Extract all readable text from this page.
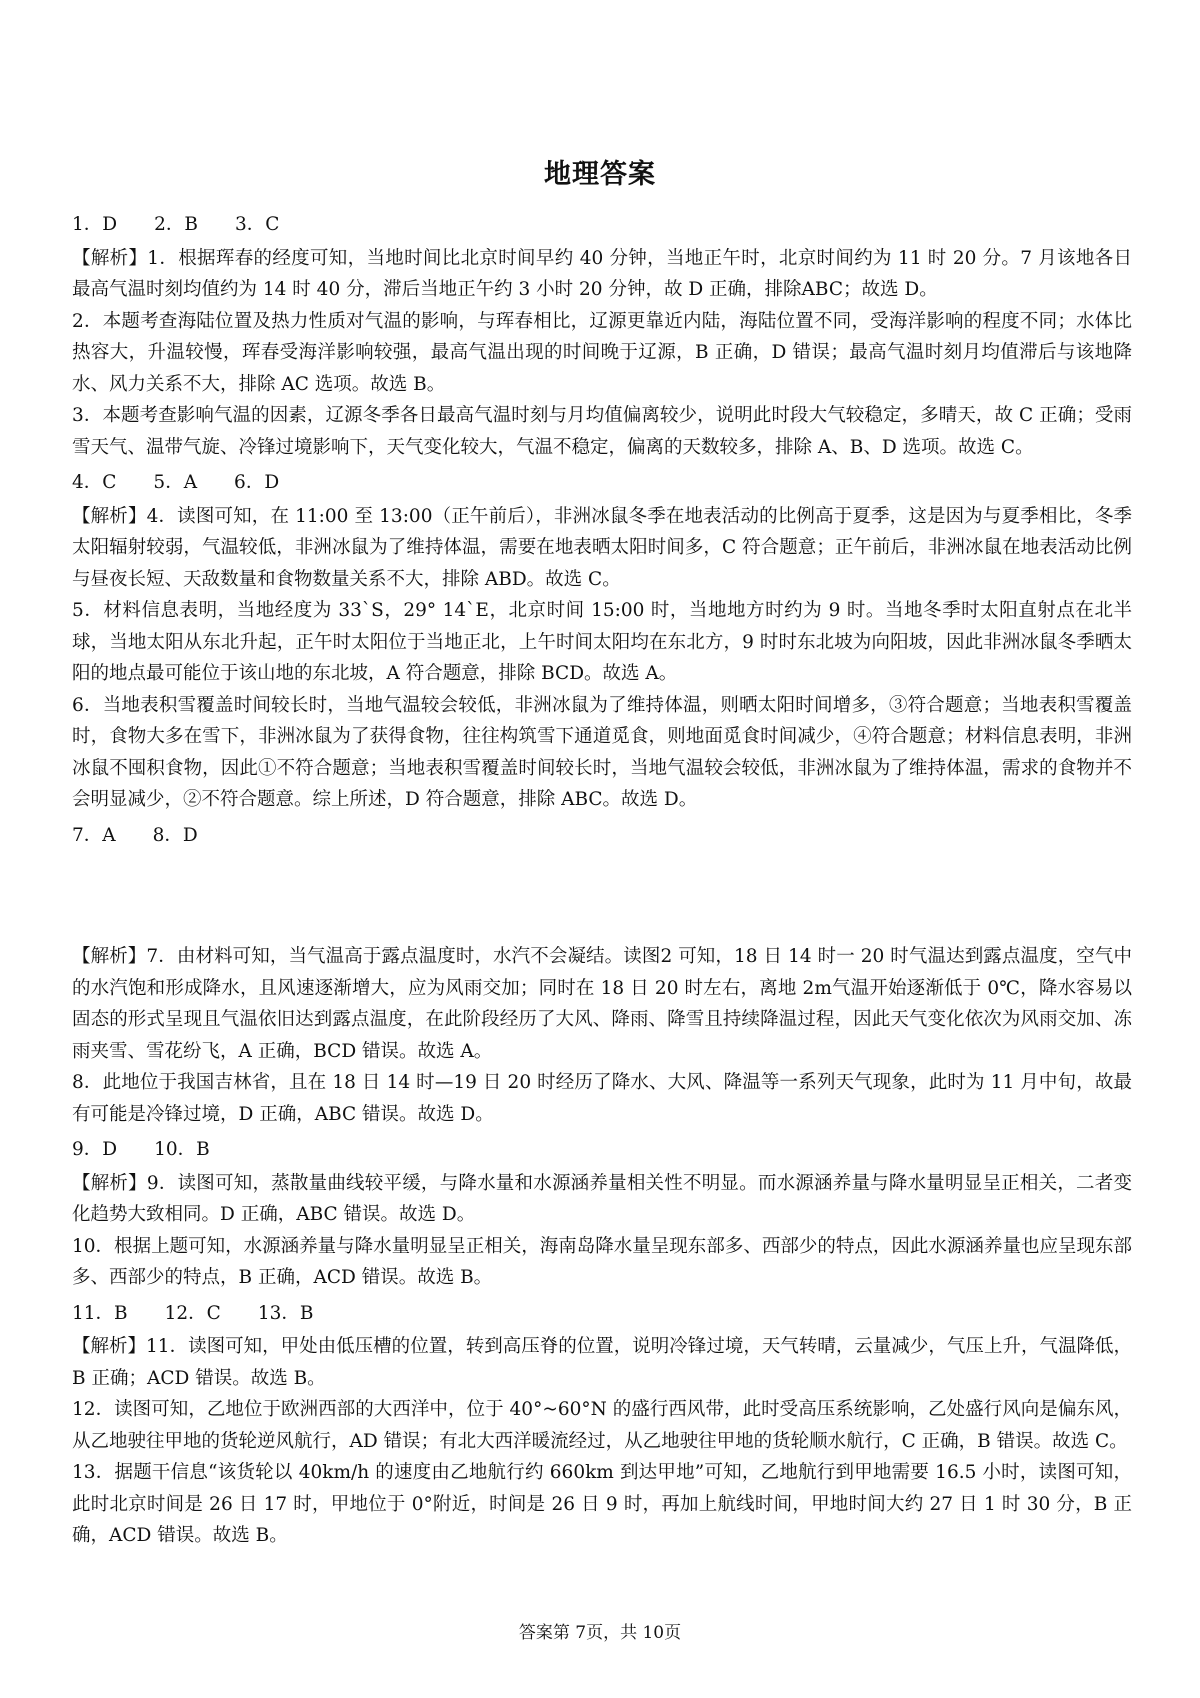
地理答案

1．D　　2．B　　3．C

【解析】1．根据珲春的经度可知，当地时间比北京时间早约 40 分钟，当地正午时，北京时间约为 11 时 20 分。7 月该地各日最高气温时刻均值约为 14 时 40 分，滞后当地正午约 3 小时 20 分钟，故 D 正确，排除ABC；故选 D。

2．本题考查海陆位置及热力性质对气温的影响，与珲春相比，辽源更靠近内陆，海陆位置不同，受海洋影响的程度不同；水体比热容大，升温较慢，珲春受海洋影响较强，最高气温出现的时间晚于辽源，B 正确，D 错误；最高气温时刻月均值滞后与该地降水、风力关系不大，排除 AC 选项。故选 B。

3．本题考查影响气温的因素，辽源冬季各日最高气温时刻与月均值偏离较少，说明此时段大气较稳定，多晴天，故 C 正确；受雨雪天气、温带气旋、冷锋过境影响下，天气变化较大，气温不稳定，偏离的天数较多，排除 A、B、D 选项。故选 C。

4．C　　5．A　　6．D

【解析】4．读图可知，在 11:00 至 13:00（正午前后），非洲冰鼠冬季在地表活动的比例高于夏季，这是因为与夏季相比，冬季太阳辐射较弱，气温较低，非洲冰鼠为了维持体温，需要在地表晒太阳时间多，C 符合题意；正午前后，非洲冰鼠在地表活动比例与昼夜长短、天敌数量和食物数量关系不大，排除 ABD。故选 C。

5．材料信息表明，当地经度为 33`S，29° 14`E，北京时间 15:00 时，当地地方时约为 9 时。当地冬季时太阳直射点在北半球，当地太阳从东北升起，正午时太阳位于当地正北，上午时间太阳均在东北方，9 时时东北坡为向阳坡，因此非洲冰鼠冬季晒太阳的地点最可能位于该山地的东北坡，A 符合题意，排除 BCD。故选 A。

6．当地表积雪覆盖时间较长时，当地气温较会较低，非洲冰鼠为了维持体温，则晒太阳时间增多，③符合题意；当地表积雪覆盖时，食物大多在雪下，非洲冰鼠为了获得食物，往往构筑雪下通道觅食，则地面觅食时间减少，④符合题意；材料信息表明，非洲冰鼠不囤积食物，因此①不符合题意；当地表积雪覆盖时间较长时，当地气温较会较低，非洲冰鼠为了维持体温，需求的食物并不会明显减少，②不符合题意。综上所述，D 符合题意，排除 ABC。故选 D。

7．A　　8．D

【解析】7．由材料可知，当气温高于露点温度时，水汽不会凝结。读图2 可知，18 日 14 时一 20 时气温达到露点温度，空气中的水汽饱和形成降水，且风速逐渐增大，应为风雨交加；同时在 18 日 20 时左右，离地 2m气温开始逐渐低于 0℃，降水容易以固态的形式呈现且气温依旧达到露点温度，在此阶段经历了大风、降雨、降雪且持续降温过程，因此天气变化依次为风雨交加、冻雨夹雪、雪花纷飞，A 正确，BCD 错误。故选 A。

8．此地位于我国吉林省，且在 18 日 14 时—19 日 20 时经历了降水、大风、降温等一系列天气现象，此时为 11 月中旬，故最有可能是冷锋过境，D 正确，ABC 错误。故选 D。

9．D　　10．B

【解析】9．读图可知，蒸散量曲线较平缓，与降水量和水源涵养量相关性不明显。而水源涵养量与降水量明显呈正相关，二者变化趋势大致相同。D 正确，ABC 错误。故选 D。

10．根据上题可知，水源涵养量与降水量明显呈正相关，海南岛降水量呈现东部多、西部少的特点，因此水源涵养量也应呈现东部多、西部少的特点，B 正确，ACD 错误。故选 B。

11．B　　12．C　　13．B

【解析】11．读图可知，甲处由低压槽的位置，转到高压脊的位置，说明冷锋过境，天气转晴，云量减少，气压上升，气温降低，B 正确；ACD 错误。故选 B。

12．读图可知，乙地位于欧洲西部的大西洋中，位于 40°~60°N 的盛行西风带，此时受高压系统影响，乙处盛行风向是偏东风，从乙地驶往甲地的货轮逆风航行，AD 错误；有北大西洋暖流经过，从乙地驶往甲地的货轮顺水航行，C 正确，B 错误。故选 C。

13．据题干信息“该货轮以 40km/h 的速度由乙地航行约 660km 到达甲地”可知，乙地航行到甲地需要 16.5 小时，读图可知，此时北京时间是 26 日 17 时，甲地位于 0°附近，时间是 26 日 9 时，再加上航线时间，甲地时间大约 27 日 1 时 30 分，B 正确，ACD 错误。故选 B。

答案第 7页，共 10页
